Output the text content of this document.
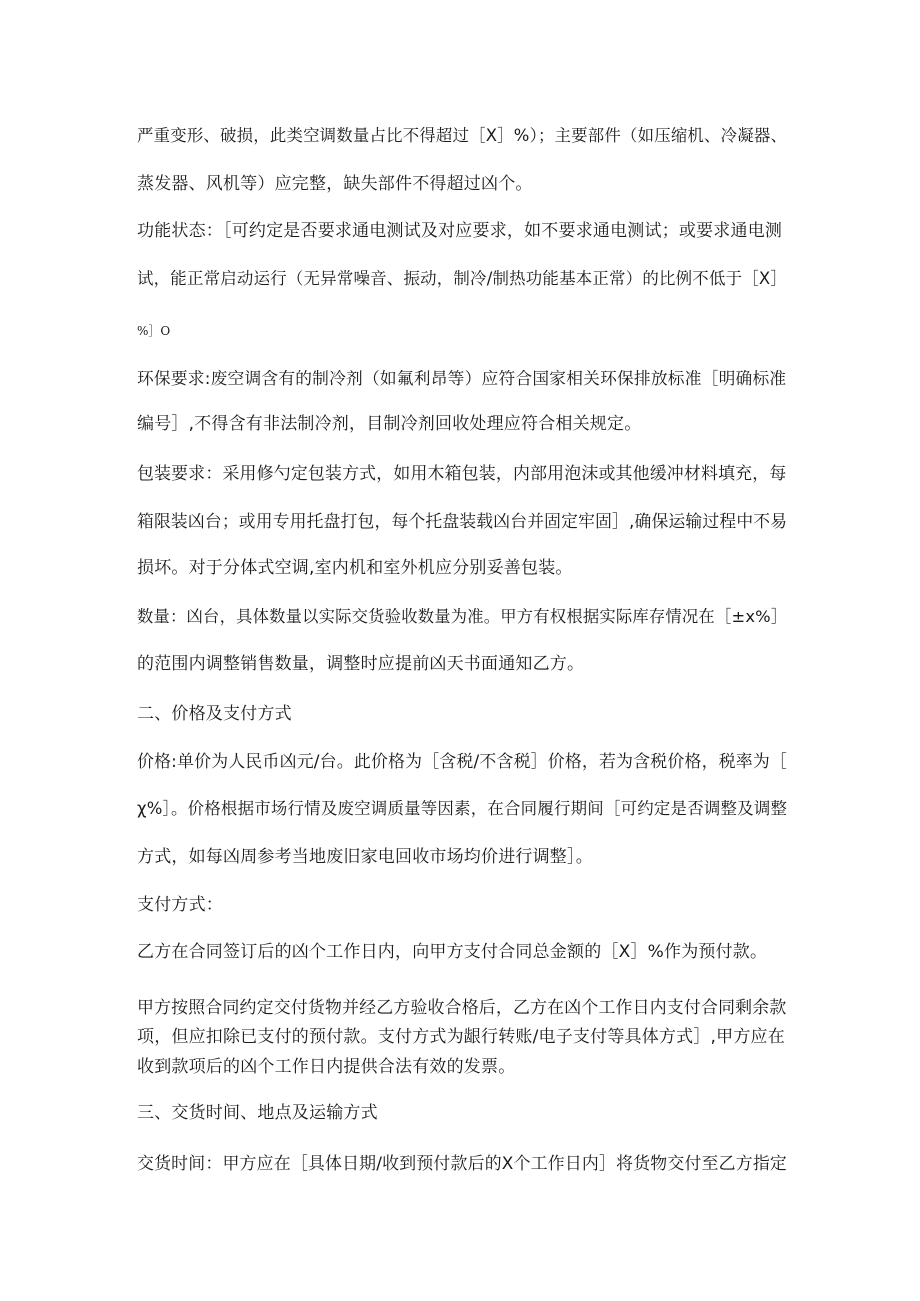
严重变形、破损，此类空调数量占比不得超过［X］%）；主要部件（如压缩机、冷凝器、
蒸发器、风机等）应完整，缺失部件不得超过凶个。
功能状态：［可约定是否要求通电测试及对应要求，如不要求通电测试；或要求通电测
试，能正常启动运行（无异常噪音、振动，制冷/制热功能基本正常）的比例不低于［X］
%］O
环保要求:废空调含有的制冷剂（如氟利昂等）应符合国家相关环保排放标准［明确标准
编号］,不得含有非法制冷剂，目制冷剂回收处理应符合相关规定。
包装要求：采用修勺定包装方式，如用木箱包装，内部用泡沫或其他缓冲材料填充，每
箱限装凶台；或用专用托盘打包，每个托盘装载凶台并固定牢固］,确保运输过程中不易
损坏。对于分体式空调,室内机和室外机应分别妥善包装。
数量：凶台，具体数量以实际交货验收数量为准。甲方有权根据实际库存情况在［±x%］
的范围内调整销售数量，调整时应提前凶天书面通知乙方。
二、价格及支付方式
价格:单价为人民币凶元/台。此价格为［含税/不含税］价格，若为含税价格，税率为［
χ%］。价格根据市场行情及废空调质量等因素，在合同履行期间［可约定是否调整及调整
方式，如每凶周参考当地废旧家电回收市场均价进行调整］。
支付方式：
乙方在合同签订后的凶个工作日内，向甲方支付合同总金额的［X］%作为预付款。
甲方按照合同约定交付货物并经乙方验收合格后，乙方在凶个工作日内支付合同剩余款
项，但应扣除已支付的预付款。支付方式为龈行转账/电子支付等具体方式］,甲方应在
收到款项后的凶个工作日内提供合法有效的发票。
三、交货时间、地点及运输方式
交货时间：甲方应在［具体日期/收到预付款后的X个工作日内］将货物交付至乙方指定
